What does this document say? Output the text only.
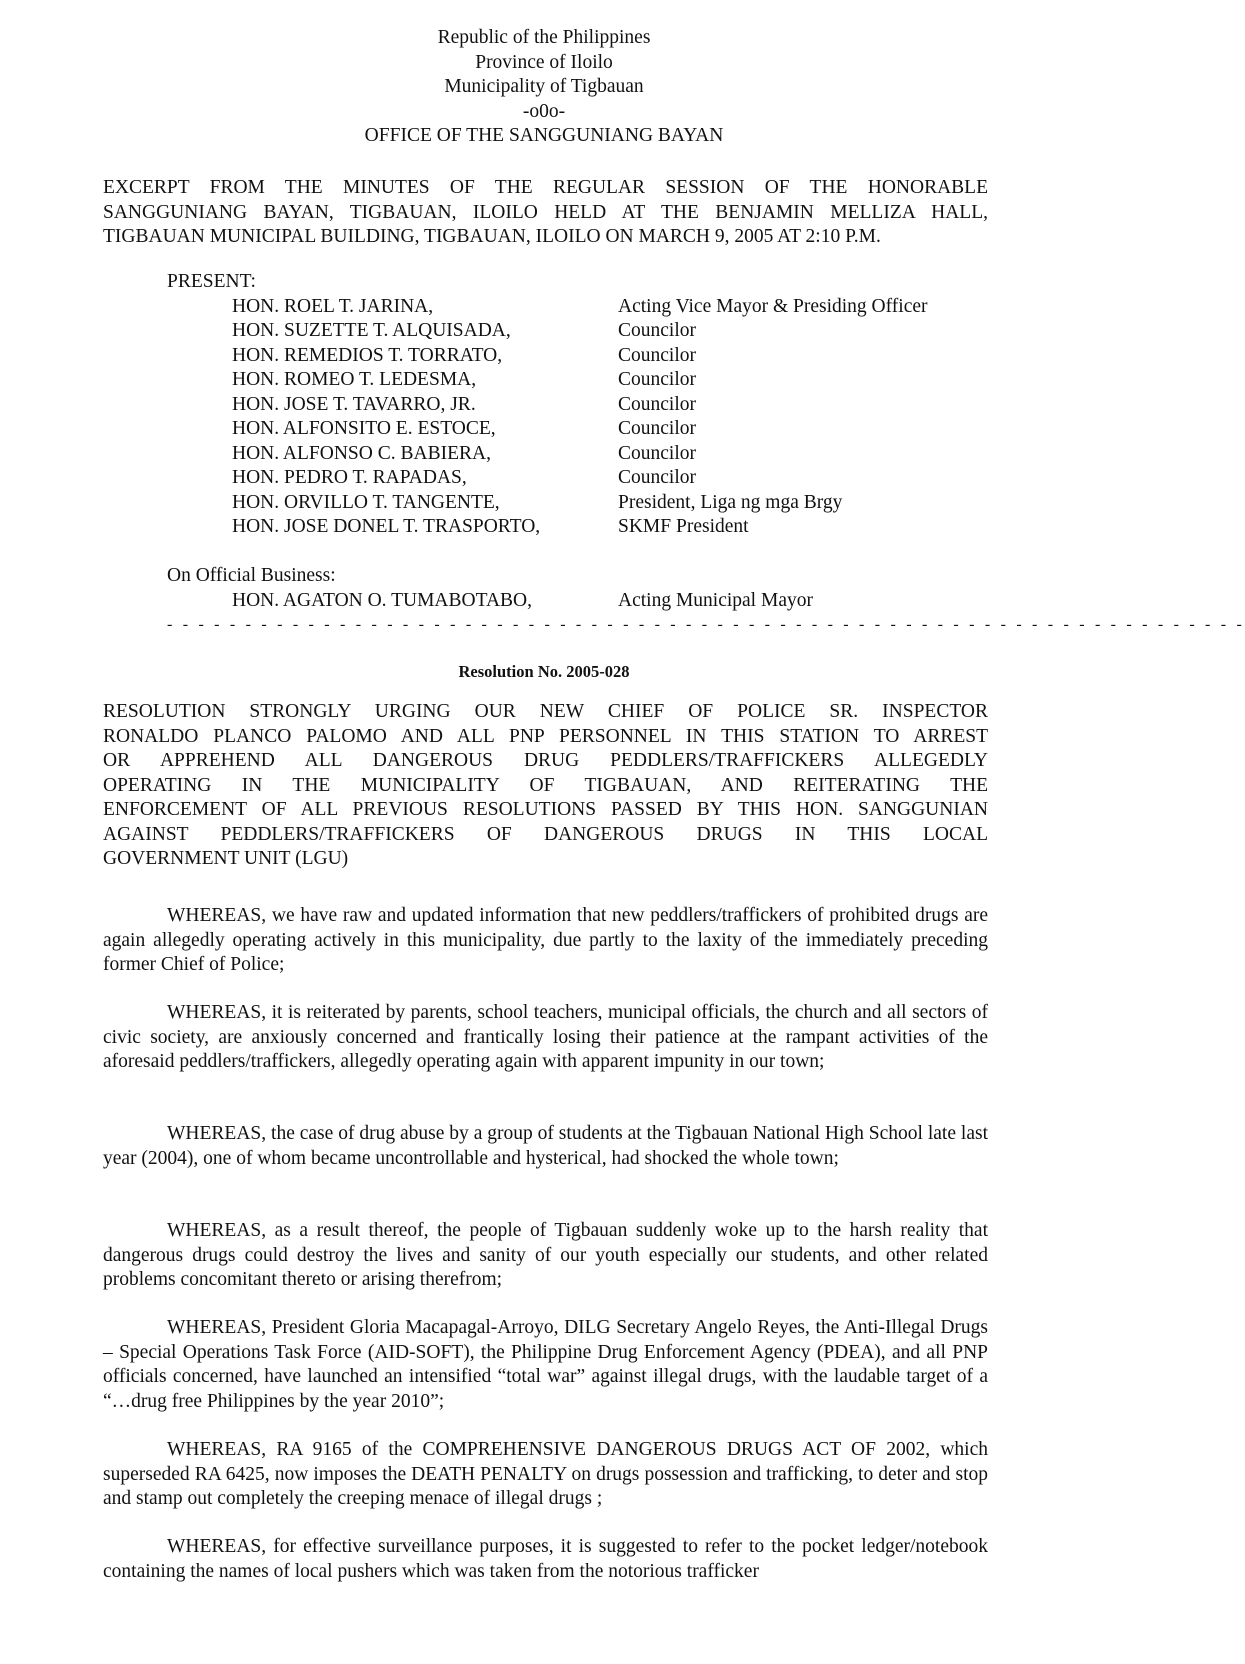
Republic of the Philippines
Province of Iloilo
Municipality of Tigbauan
-o0o-
OFFICE OF THE SANGGUNIANG BAYAN
EXCERPT FROM THE MINUTES OF THE REGULAR SESSION OF THE HONORABLE
SANGGUNIANG BAYAN, TIGBAUAN, ILOILO HELD AT THE BENJAMIN MELLIZA HALL,
TIGBAUAN MUNICIPAL BUILDING, TIGBAUAN, ILOILO ON MARCH 9, 2005 AT 2:10 P.M.
PRESENT:
HON. ROEL T. JARINA,	Acting Vice Mayor & Presiding Officer
HON. SUZETTE T. ALQUISADA,	Councilor
HON. REMEDIOS T. TORRATO,	Councilor
HON. ROMEO T. LEDESMA,	Councilor
HON. JOSE T. TAVARRO, JR.	Councilor
HON. ALFONSITO E. ESTOCE,	Councilor
HON. ALFONSO C. BABIERA,	Councilor
HON. PEDRO T. RAPADAS,	Councilor
HON. ORVILLO T. TANGENTE,	President, Liga ng mga Brgy
HON. JOSE DONEL T. TRASPORTO,	SKMF President
On Official Business:
HON. AGATON O. TUMABOTABO,	Acting Municipal Mayor
- - - - - - - - - - - - - - - - - - - - - - - - - - - - - - - - - - - - - - - - - - - - - - - - - - - - - - - - - - - - - - - - - - - - -
Resolution No. 2005-028
RESOLUTION STRONGLY URGING OUR NEW CHIEF OF POLICE SR. INSPECTOR
RONALDO PLANCO PALOMO AND ALL PNP PERSONNEL IN THIS STATION TO ARREST
OR APPREHEND ALL DANGEROUS DRUG PEDDLERS/TRAFFICKERS ALLEGEDLY
OPERATING IN THE MUNICIPALITY OF TIGBAUAN, AND REITERATING THE
ENFORCEMENT OF ALL PREVIOUS RESOLUTIONS PASSED BY THIS HON. SANGGUNIAN
AGAINST PEDDLERS/TRAFFICKERS OF DANGEROUS DRUGS IN THIS LOCAL
GOVERNMENT UNIT (LGU)

WHEREAS, we have raw and updated information that new peddlers/traffickers of prohibited drugs are again allegedly operating actively in this municipality, due partly to the laxity of the immediately preceding former Chief of Police;

WHEREAS, it is reiterated by parents, school teachers, municipal officials, the church and all sectors of civic society, are anxiously concerned and frantically losing their patience at the rampant activities of the aforesaid peddlers/traffickers, allegedly operating again with apparent impunity in our town;

WHEREAS, the case of drug abuse by a group of students at the Tigbauan National High School late last year (2004), one of whom became uncontrollable and hysterical, had shocked the whole town;

WHEREAS, as a result thereof, the people of Tigbauan suddenly woke up to the harsh reality that dangerous drugs could destroy the lives and sanity of our youth especially our students, and other related problems concomitant thereto or arising therefrom;

WHEREAS, President Gloria Macapagal-Arroyo, DILG Secretary Angelo Reyes, the Anti-Illegal Drugs – Special Operations Task Force (AID-SOFT), the Philippine Drug Enforcement Agency (PDEA), and all PNP officials concerned, have launched an intensified “total war” against illegal drugs, with the laudable target of a “…drug free Philippines by the year 2010”;

WHEREAS, RA 9165 of the COMPREHENSIVE DANGEROUS DRUGS ACT OF 2002, which superseded RA 6425, now imposes the DEATH PENALTY on drugs possession and trafficking, to deter and stop and stamp out completely the creeping menace of illegal drugs ;

WHEREAS, for effective surveillance purposes, it is suggested to refer to the pocket ledger/notebook containing the names of local pushers which was taken from the notorious trafficker
